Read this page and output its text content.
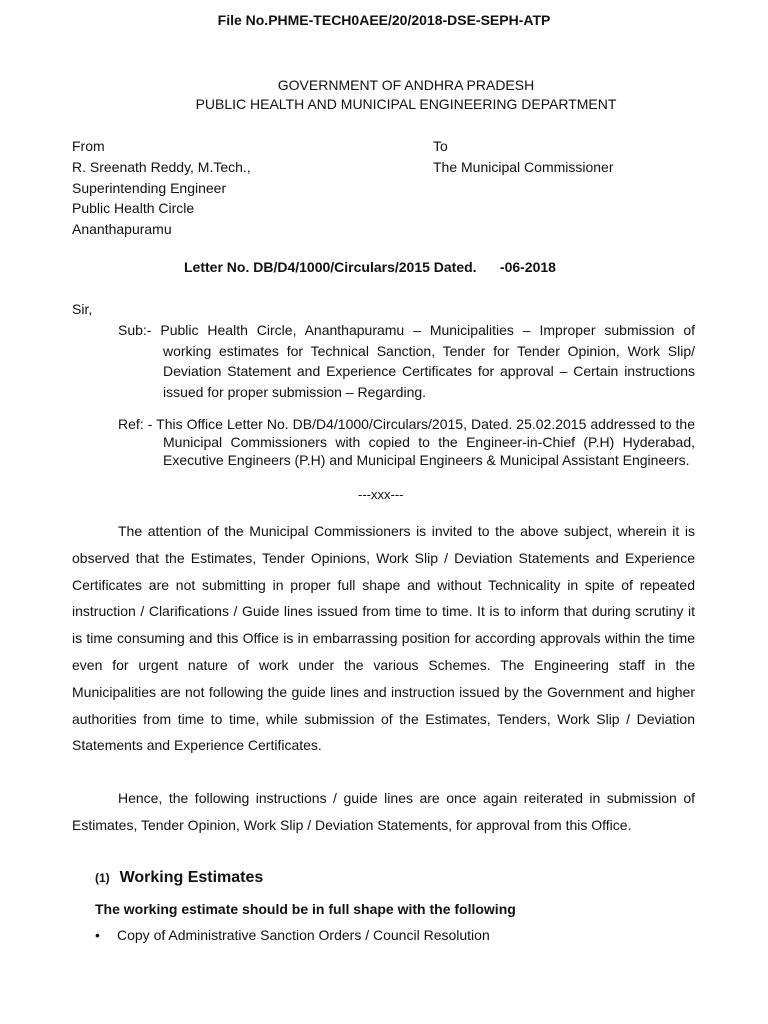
File No.PHME-TECH0AEE/20/2018-DSE-SEPH-ATP
GOVERNMENT OF ANDHRA PRADESH
PUBLIC HEALTH AND MUNICIPAL ENGINEERING DEPARTMENT
From
R. Sreenath Reddy, M.Tech.,
Superintending Engineer
Public Health Circle
Ananthapuramu
To
The Municipal Commissioner
Letter No. DB/D4/1000/Circulars/2015 Dated.      -06-2018
Sir,
Sub:- Public Health Circle, Ananthapuramu – Municipalities – Improper submission of working estimates for Technical Sanction, Tender for Tender Opinion, Work Slip/ Deviation Statement and Experience Certificates for approval – Certain instructions issued for proper submission – Regarding.
Ref: - This Office Letter No. DB/D4/1000/Circulars/2015, Dated. 25.02.2015 addressed to the Municipal Commissioners with copied to the Engineer-in-Chief (P.H) Hyderabad, Executive Engineers (P.H) and Municipal Engineers & Municipal Assistant Engineers.
---xxx---
The attention of the Municipal Commissioners is invited to the above subject, wherein it is observed that the Estimates, Tender Opinions, Work Slip / Deviation Statements and Experience Certificates are not submitting in proper full shape and without Technicality in spite of repeated instruction / Clarifications / Guide lines issued from time to time. It is to inform that during scrutiny it is time consuming and this Office is in embarrassing position for according approvals within the time even for urgent nature of work under the various Schemes. The Engineering staff in the Municipalities are not following the guide lines and instruction issued by the Government and higher authorities from time to time, while submission of the Estimates, Tenders, Work Slip / Deviation Statements and Experience Certificates.
Hence, the following instructions / guide lines are once again reiterated in submission of Estimates, Tender Opinion, Work Slip / Deviation Statements, for approval from this Office.
(1) Working Estimates
The working estimate should be in full shape with the following
• Copy of Administrative Sanction Orders / Council Resolution
